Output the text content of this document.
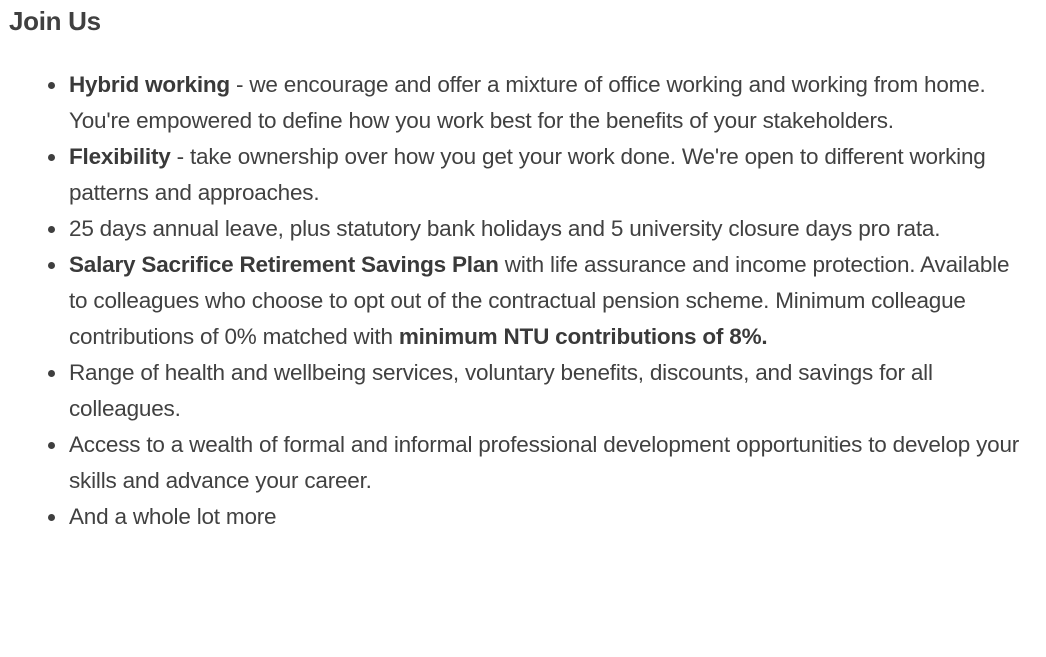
Join Us
Hybrid working - we encourage and offer a mixture of office working and working from home. You're empowered to define how you work best for the benefits of your stakeholders.
Flexibility - take ownership over how you get your work done. We're open to different working patterns and approaches.
25 days annual leave, plus statutory bank holidays and 5 university closure days pro rata.
Salary Sacrifice Retirement Savings Plan with life assurance and income protection. Available to colleagues who choose to opt out of the contractual pension scheme. Minimum colleague contributions of 0% matched with minimum NTU contributions of 8%.
Range of health and wellbeing services, voluntary benefits, discounts, and savings for all colleagues.
Access to a wealth of formal and informal professional development opportunities to develop your skills and advance your career.
And a whole lot more
